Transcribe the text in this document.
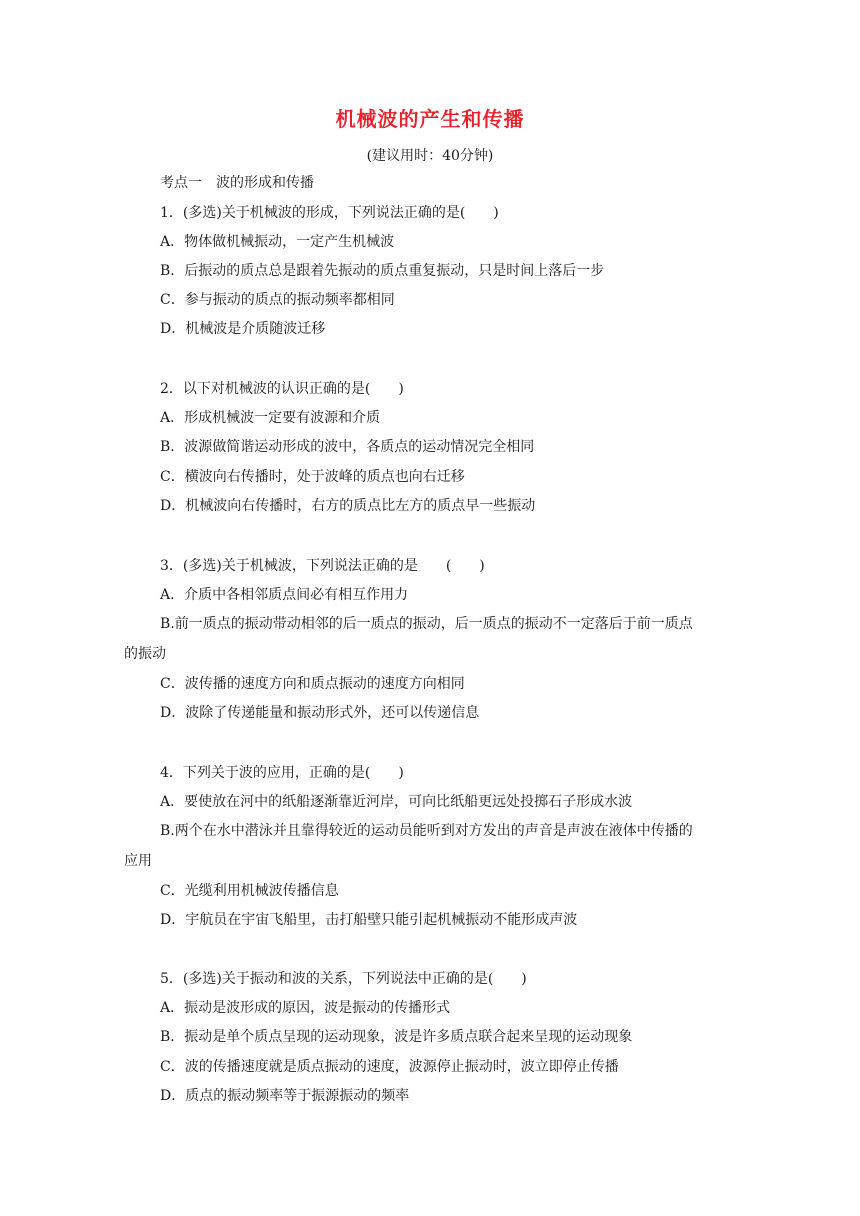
机械波的产生和传播
(建议用时：40分钟)
考点一　波的形成和传播
1．(多选)关于机械波的形成，下列说法正确的是(　　)
A．物体做机械振动，一定产生机械波
B．后振动的质点总是跟着先振动的质点重复振动，只是时间上落后一步
C．参与振动的质点的振动频率都相同
D．机械波是介质随波迁移
2．以下对机械波的认识正确的是(　　)
A．形成机械波一定要有波源和介质
B．波源做简谐运动形成的波中，各质点的运动情况完全相同
C．横波向右传播时，处于波峰的质点也向右迁移
D．机械波向右传播时，右方的质点比左方的质点早一些振动
3．(多选)关于机械波，下列说法正确的是　　(　　)
A．介质中各相邻质点间必有相互作用力
B.前一质点的振动带动相邻的后一质点的振动，后一质点的振动不一定落后于前一质点
的振动
C．波传播的速度方向和质点振动的速度方向相同
D．波除了传递能量和振动形式外，还可以传递信息
4．下列关于波的应用，正确的是(　　)
A．要使放在河中的纸船逐渐靠近河岸，可向比纸船更远处投掷石子形成水波
B.两个在水中潜泳并且靠得较近的运动员能听到对方发出的声音是声波在液体中传播的
应用
C．光缆利用机械波传播信息
D．宇航员在宇宙飞船里，击打船壁只能引起机械振动不能形成声波
5．(多选)关于振动和波的关系，下列说法中正确的是(　　)
A．振动是波形成的原因，波是振动的传播形式
B．振动是单个质点呈现的运动现象，波是许多质点联合起来呈现的运动现象
C．波的传播速度就是质点振动的速度，波源停止振动时，波立即停止传播
D．质点的振动频率等于振源振动的频率
